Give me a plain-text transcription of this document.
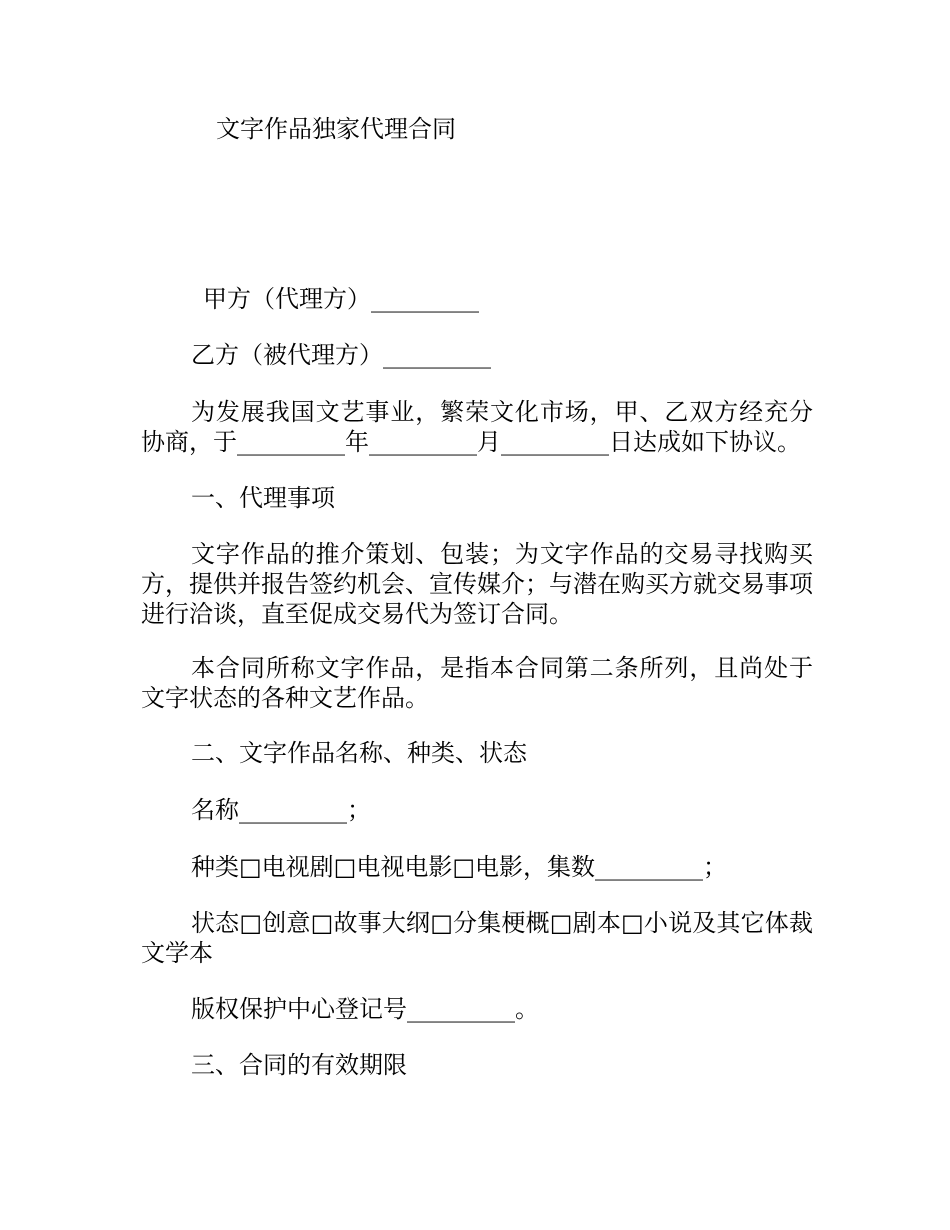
文字作品独家代理合同

甲方（代理方）_________

乙方（被代理方）_________

为发展我国文艺事业，繁荣文化市场，甲、乙双方经充分协商，于_________年_________月_________日达成如下协议。

一、代理事项

文字作品的推介策划、包装；为文字作品的交易寻找购买方，提供并报告签约机会、宣传媒介；与潜在购买方就交易事项进行洽谈，直至促成交易代为签订合同。

本合同所称文字作品，是指本合同第二条所列，且尚处于文字状态的各种文艺作品。

二、文字作品名称、种类、状态

名称_________；

种类□电视剧□电视电影□电影，集数_________；

状态□创意□故事大纲□分集梗概□剧本□小说及其它体裁文学本

版权保护中心登记号_________。

三、合同的有效期限
